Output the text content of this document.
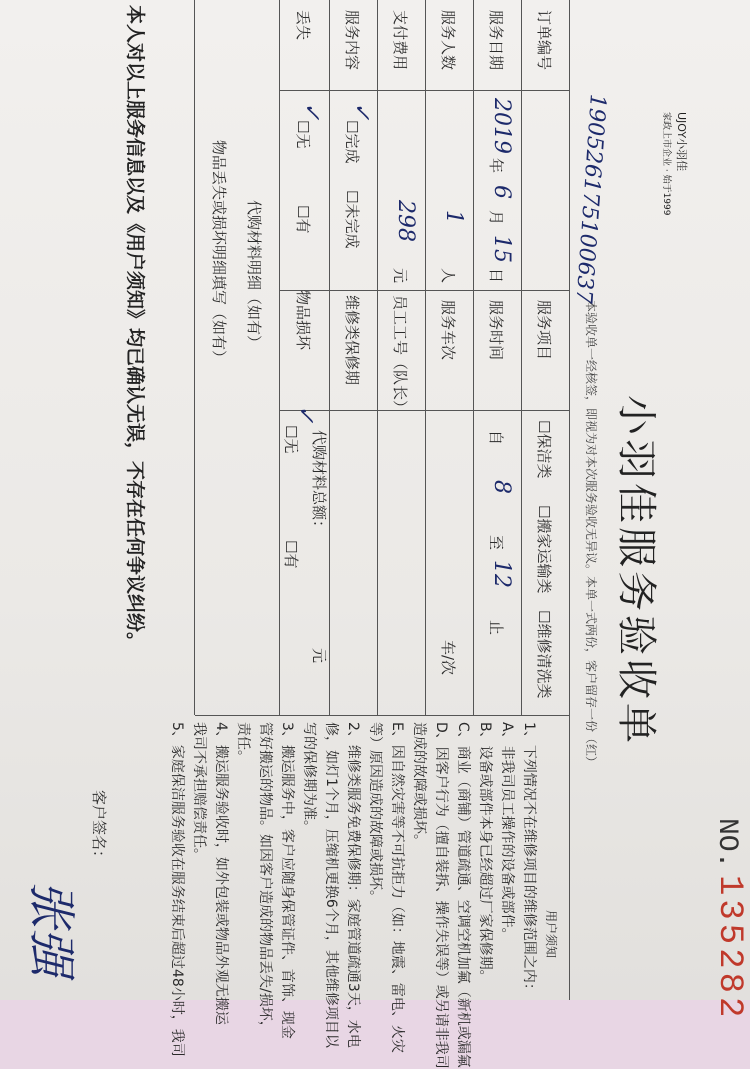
小羽佳服务验收单
NO.
135282
UJOY小羽佳
家政上市企业 · 始于1999
190526175100637
本验收单一经核签，即视为对本次服务验收无异议。本单一式两份，客户留存一份（红）
订单编号
服务日期
服务人数
支付费用
服务内容
丢失
2019
年
6
月
15
日
1
人
298
元
✓
☐完成
☐未完成
✓
☐无
☐有
服务项目
服务时间
服务车次
员工工号（队长）
维修类保修期
代购材料明细（如有） 物品损坏
物品丢失或损坏明细填写（如有）
☐保洁类
☐搬家运输类
☐维修清洗类
自
8
至
12
止
车/次
代购材料总额：
元
✓
☐无
☐有
用户须知
1、下列情况不在维修项目的维修范围之内：
A、非我司员工操作的设备或部件。
B、设备或部件本身已经超过厂家保修期。
C、商业（商铺）管道疏通、空调空机加氟（新机或漏氟
D、因客户行为（擅自装拆、操作失误等）或另请非我司
造成的故障或损坏。
E、因自然灾害等不可抗拒力（如：地震、雷电、火灾
等）原因造成的故障或损坏。
2、维修类服务免费保修期：家庭管道疏通3天，水电
修，如灯1个月，压缩机更换6个月，其他维修项目以
写的保修期为准。
3、搬运服务中，客户应随身保管证件、首饰、现金
管好搬运的物品。如因客户造成的物品丢失/损坏，
责任。
4、搬运服务验收时，如外包装或物品外观无搬运
我司不承担赔偿责任。
5、家庭保洁服务验收在服务结束后超过48小时，我司
本人对以上服务信息以及《用户须知》均已确认无误，不存在任何争议纠纷。
客户签名：
张强
